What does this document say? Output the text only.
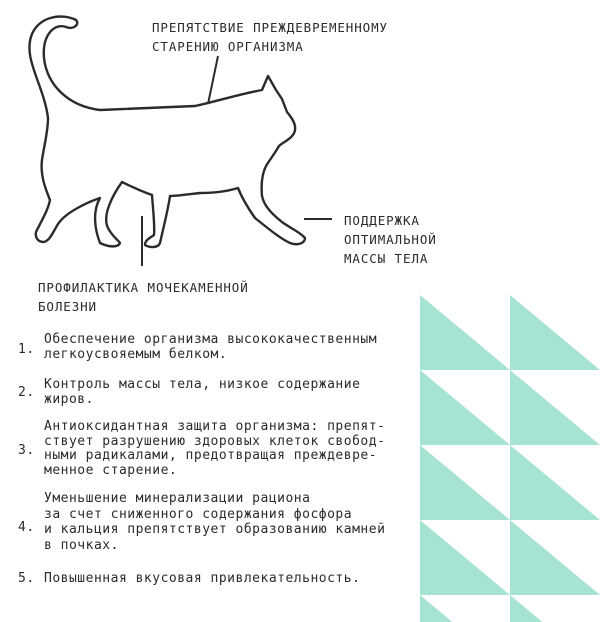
ПРЕПЯТСТВИЕ ПРЕЖДЕВРЕМЕННОМУ
СТАРЕНИЮ ОРГАНИЗМА
ПОДДЕРЖКА
ОПТИМАЛЬНОЙ
МАССЫ ТЕЛА
ПРОФИЛАКТИКА МОЧЕКАМЕННОЙ
БОЛЕЗНИ
1.
Обеспечение организма высококачественным
легкоусвояемым белком.
2.
Контроль массы тела, низкое содержание
жиров.
3.
Антиоксидантная защита организма: препят-
ствует разрушению здоровых клеток свобод-
ными радикалами, предотвращая преждевре-
менное старение.
4.
Уменьшение минерализации рациона
за счет сниженного содержания фосфора
и кальция препятствует образованию камней
в почках.
5. Повышенная вкусовая привлекательность.
